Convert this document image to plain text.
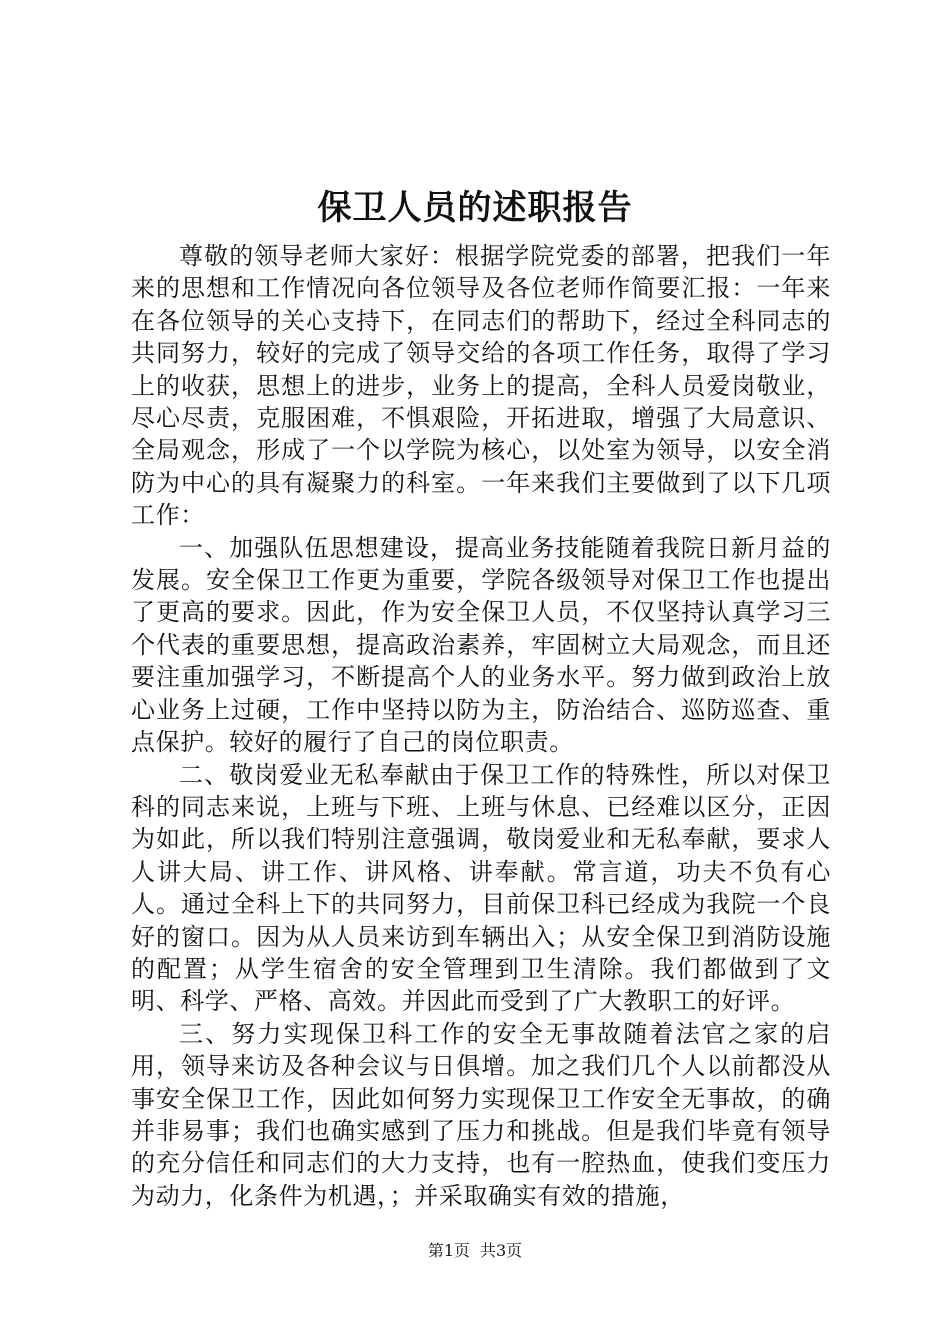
保卫人员的述职报告

尊敬的领导老师大家好：根据学院党委的部署，把我们一年来的思想和工作情况向各位领导及各位老师作简要汇报：一年来在各位领导的关心支持下，在同志们的帮助下，经过全科同志的共同努力，较好的完成了领导交给的各项工作任务，取得了学习上的收获，思想上的进步，业务上的提高，全科人员爱岗敬业，尽心尽责，克服困难，不惧艰险，开拓进取，增强了大局意识、全局观念，形成了一个以学院为核心，以处室为领导，以安全消防为中心的具有凝聚力的科室。一年来我们主要做到了以下几项工作：

一、加强队伍思想建设，提高业务技能随着我院日新月益的发展。安全保卫工作更为重要，学院各级领导对保卫工作也提出了更高的要求。因此，作为安全保卫人员，不仅坚持认真学习三个代表的重要思想，提高政治素养，牢固树立大局观念，而且还要注重加强学习，不断提高个人的业务水平。努力做到政治上放心业务上过硬，工作中坚持以防为主，防治结合、巡防巡查、重点保护。较好的履行了自己的岗位职责。

二、敬岗爱业无私奉献由于保卫工作的特殊性，所以对保卫科的同志来说，上班与下班、上班与休息、已经难以区分，正因为如此，所以我们特别注意强调，敬岗爱业和无私奉献，要求人人讲大局、讲工作、讲风格、讲奉献。常言道，功夫不负有心人。通过全科上下的共同努力，目前保卫科已经成为我院一个良好的窗口。因为从人员来访到车辆出入；从安全保卫到消防设施的配置；从学生宿舍的安全管理到卫生清除。我们都做到了文明、科学、严格、高效。并因此而受到了广大教职工的好评。

三、努力实现保卫科工作的安全无事故随着法官之家的启用，领导来访及各种会议与日俱增。加之我们几个人以前都没从事安全保卫工作，因此如何努力实现保卫工作安全无事故，的确并非易事；我们也确实感到了压力和挑战。但是我们毕竟有领导的充分信任和同志们的大力支持，也有一腔热血，使我们变压力为动力，化条件为机遇，；并采取确实有效的措施，

第1页 共3页
